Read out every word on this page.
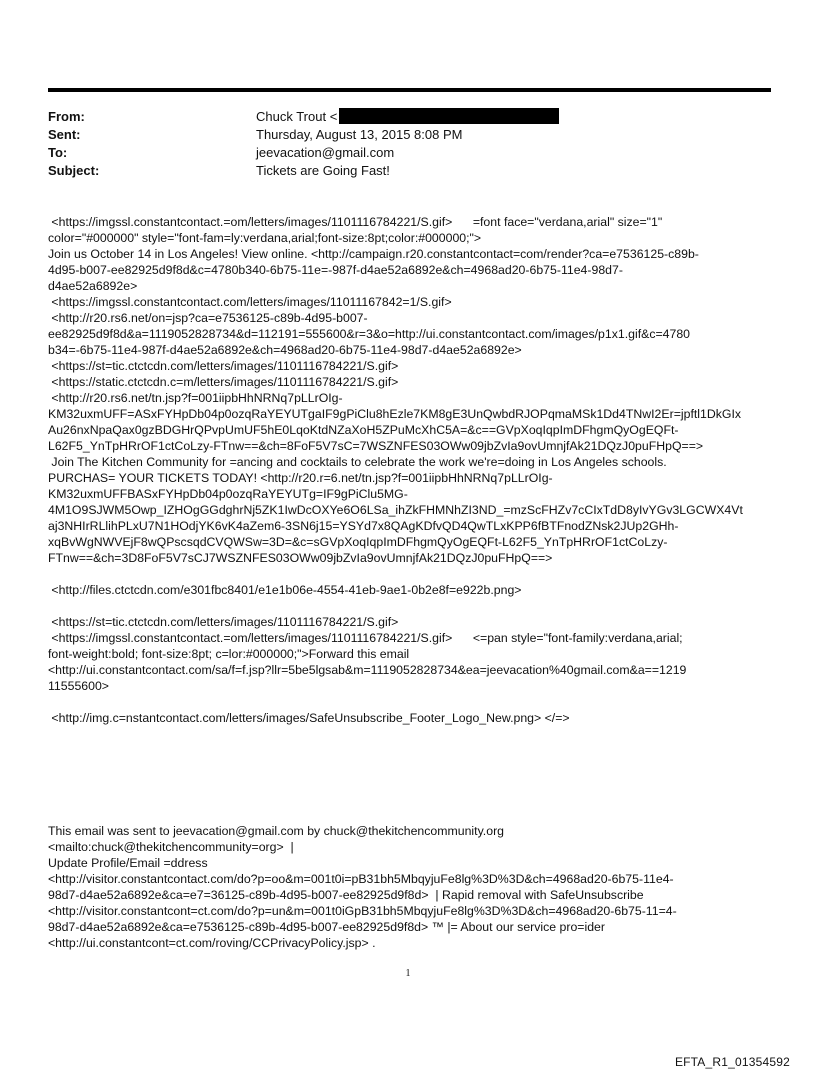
From:	Chuck Trout <
Sent:	Thursday, August 13, 2015 8:08 PM
To:	jeevacation@gmail.com
Subject:	Tickets are Going Fast!

<https://imgssl.constantcontact.=om/letters/images/1101116784221/S.gif>      =font face="verdana,arial" size="1"

color="#000000" style="font-fam=ly:verdana,arial;font-size:8pt;color:#000000;">

Join us October 14 in Los Angeles! View online. <http://campaign.r20.constantcontact=com/render?ca=e7536125-c89b-

4d95-b007-ee82925d9f8d&c=4780b340-6b75-11e=-987f-d4ae52a6892e&ch=4968ad20-6b75-11e4-98d7-

d4ae52a6892e>

<https://imgssl.constantcontact.com/letters/images/11011167842=1/S.gif>

<http://r20.rs6.net/on=jsp?ca=e7536125-c89b-4d95-b007-

ee82925d9f8d&a=1119052828734&d=112191=555600&r=3&o=http://ui.constantcontact.com/images/p1x1.gif&c=4780

b34=-6b75-11e4-987f-d4ae52a6892e&ch=4968ad20-6b75-11e4-98d7-d4ae52a6892e>

<https://st=tic.ctctcdn.com/letters/images/1101116784221/S.gif>

<https://static.ctctcdn.c=m/letters/images/1101116784221/S.gif>

<http://r20.rs6.net/tn.jsp?f=001iipbHhNRNq7pLLrOIg-

KM32uxmUFF=ASxFYHpDb04p0ozqRaYEYUTgaIF9gPiClu8hEzle7KM8gE3UnQwbdRJOPqmaMSk1Dd4TNwI2Er=jpftl1DkGIx

Au26nxNpaQax0gzBDGHrQPvpUmUF5hE0LqoKtdNZaXoH5ZPuMcXhC5A=&c==GVpXoqIqpImDFhgmQyOgEQFt-

L62F5_YnTpHRrOF1ctCoLzy-FTnw==&ch=8FoF5V7sC=7WSZNFES03OWw09jbZvIa9ovUmnjfAk21DQzJ0puFHpQ==>

Join The Kitchen Community for =ancing and cocktails to celebrate the work we're=doing in Los Angeles schools.

PURCHAS= YOUR TICKETS TODAY! <http://r20.r=6.net/tn.jsp?f=001iipbHhNRNq7pLLrOIg-

KM32uxmUFFBASxFYHpDb04p0ozqRaYEYUTg=IF9gPiClu5MG-

4M1O9SJWM5Owp_IZHOgGGdghrNj5ZK1IwDcOXYe6O6LSa_ihZkFHMNhZI3ND_=mzScFHZv7cCIxTdD8yIvYGv3LGCWX4Vt

aj3NHIrRLlihPLxU7N1HOdjYK6vK4aZem6-3SN6j15=YSYd7x8QAgKDfvQD4QwTLxKPP6fBTFnodZNsk2JUp2GHh-

xqBvWgNWVEjF8wQPscsqdCVQWSw=3D=&c=sGVpXoqIqpImDFhgmQyOgEQFt-L62F5_YnTpHRrOF1ctCoLzy-

FTnw==&ch=3D8FoF5V7sCJ7WSZNFES03OWw09jbZvIa9ovUmnjfAk21DQzJ0puFHpQ==>

<http://files.ctctcdn.com/e301fbc8401/e1e1b06e-4554-41eb-9ae1-0b2e8f=e922b.png>

<https://st=tic.ctctcdn.com/letters/images/1101116784221/S.gif>

<https://imgssl.constantcontact.=om/letters/images/1101116784221/S.gif>      <=pan style="font-family:verdana,arial;

font-weight:bold; font-size:8pt; c=lor:#000000;">Forward this email

<http://ui.constantcontact.com/sa/f=f.jsp?llr=5be5lgsab&m=1119052828734&ea=jeevacation%40gmail.com&a==1219

11555600>

<http://img.c=nstantcontact.com/letters/images/SafeUnsubscribe_Footer_Logo_New.png> </=>

This email was sent to jeevacation@gmail.com by chuck@thekitchencommunity.org

<mailto:chuck@thekitchencommunity=org>  |

Update Profile/Email =ddress

<http://visitor.constantcontact.com/do?p=oo&m=001t0i=pB31bh5MbqyjuFe8lg%3D%3D&ch=4968ad20-6b75-11e4-

98d7-d4ae52a6892e&ca=e7=36125-c89b-4d95-b007-ee82925d9f8d>  | Rapid removal with SafeUnsubscribe

<http://visitor.constantcont=ct.com/do?p=un&m=001t0iGpB31bh5MbqyjuFe8lg%3D%3D&ch=4968ad20-6b75-11=4-

98d7-d4ae52a6892e&ca=e7536125-c89b-4d95-b007-ee82925d9f8d> ™ |= About our service pro=ider

<http://ui.constantcont=ct.com/roving/CCPrivacyPolicy.jsp> .

1
EFTA_R1_01354592
